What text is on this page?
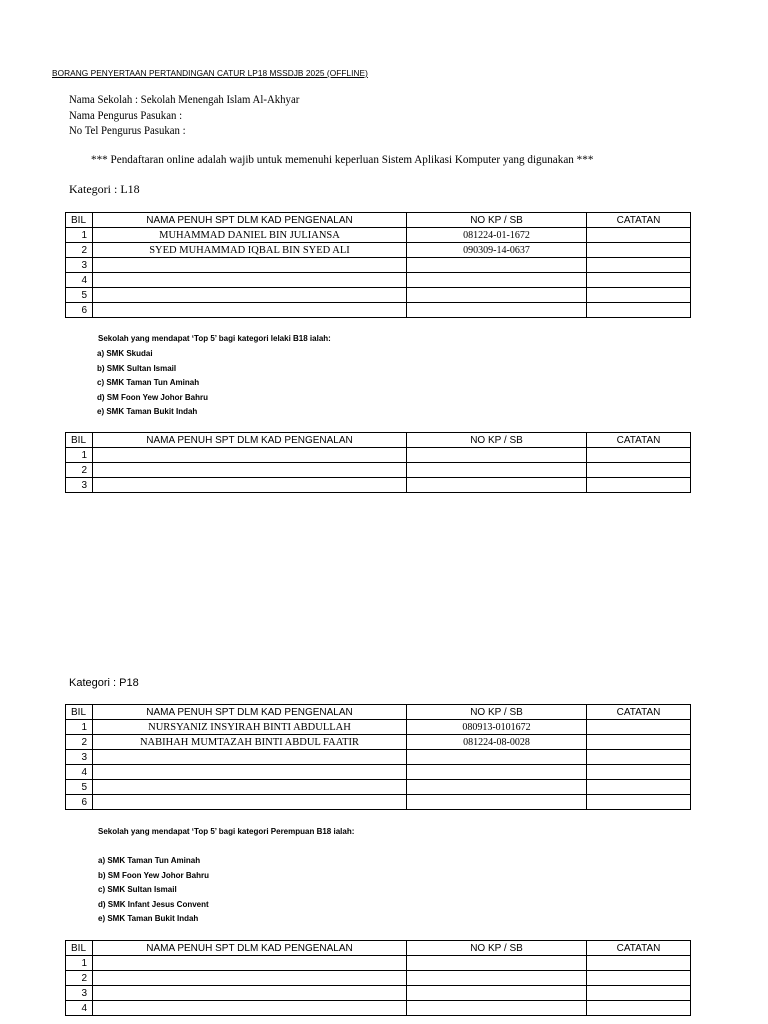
BORANG PENYERTAAN PERTANDINGAN CATUR LP18 MSSDJB 2025 (OFFLINE)
Nama Sekolah : Sekolah Menengah Islam Al-Akhyar
Nama Pengurus Pasukan :
No Tel Pengurus Pasukan :
*** Pendaftaran online adalah wajib untuk memenuhi keperluan Sistem Aplikasi Komputer yang digunakan ***
Kategori : L18
BIL	NAMA PENUH SPT DLM KAD PENGENALAN	NO KP / SB	CATATAN
1	MUHAMMAD DANIEL BIN JULIANSA	081224-01-1672	
2	SYED MUHAMMAD IQBAL BIN SYED ALI	090309-14-0637	
3			
4			
5			
6			
Sekolah yang mendapat ‘Top 5’ bagi kategori lelaki B18 ialah:
a) SMK Skudai
b) SMK Sultan Ismail
c) SMK Taman Tun Aminah
d) SM Foon Yew Johor Bahru
e) SMK Taman Bukit Indah
BIL	NAMA PENUH SPT DLM KAD PENGENALAN	NO KP / SB	CATATAN
1			
2			
3			
Kategori : P18
BIL	NAMA PENUH SPT DLM KAD PENGENALAN	NO KP / SB	CATATAN
1	NURSYANIZ INSYIRAH BINTI ABDULLAH	080913-0101672	
2	NABIHAH MUMTAZAH BINTI ABDUL FAATIR	081224-08-0028	
3			
4			
5			
6			
Sekolah yang mendapat ‘Top 5’ bagi kategori Perempuan B18 ialah:
a) SMK Taman Tun Aminah
b) SM Foon Yew Johor Bahru
c) SMK Sultan Ismail
d) SMK Infant Jesus Convent
e) SMK Taman Bukit Indah
BIL	NAMA PENUH SPT DLM KAD PENGENALAN	NO KP / SB	CATATAN
1			
2			
3			
4			
